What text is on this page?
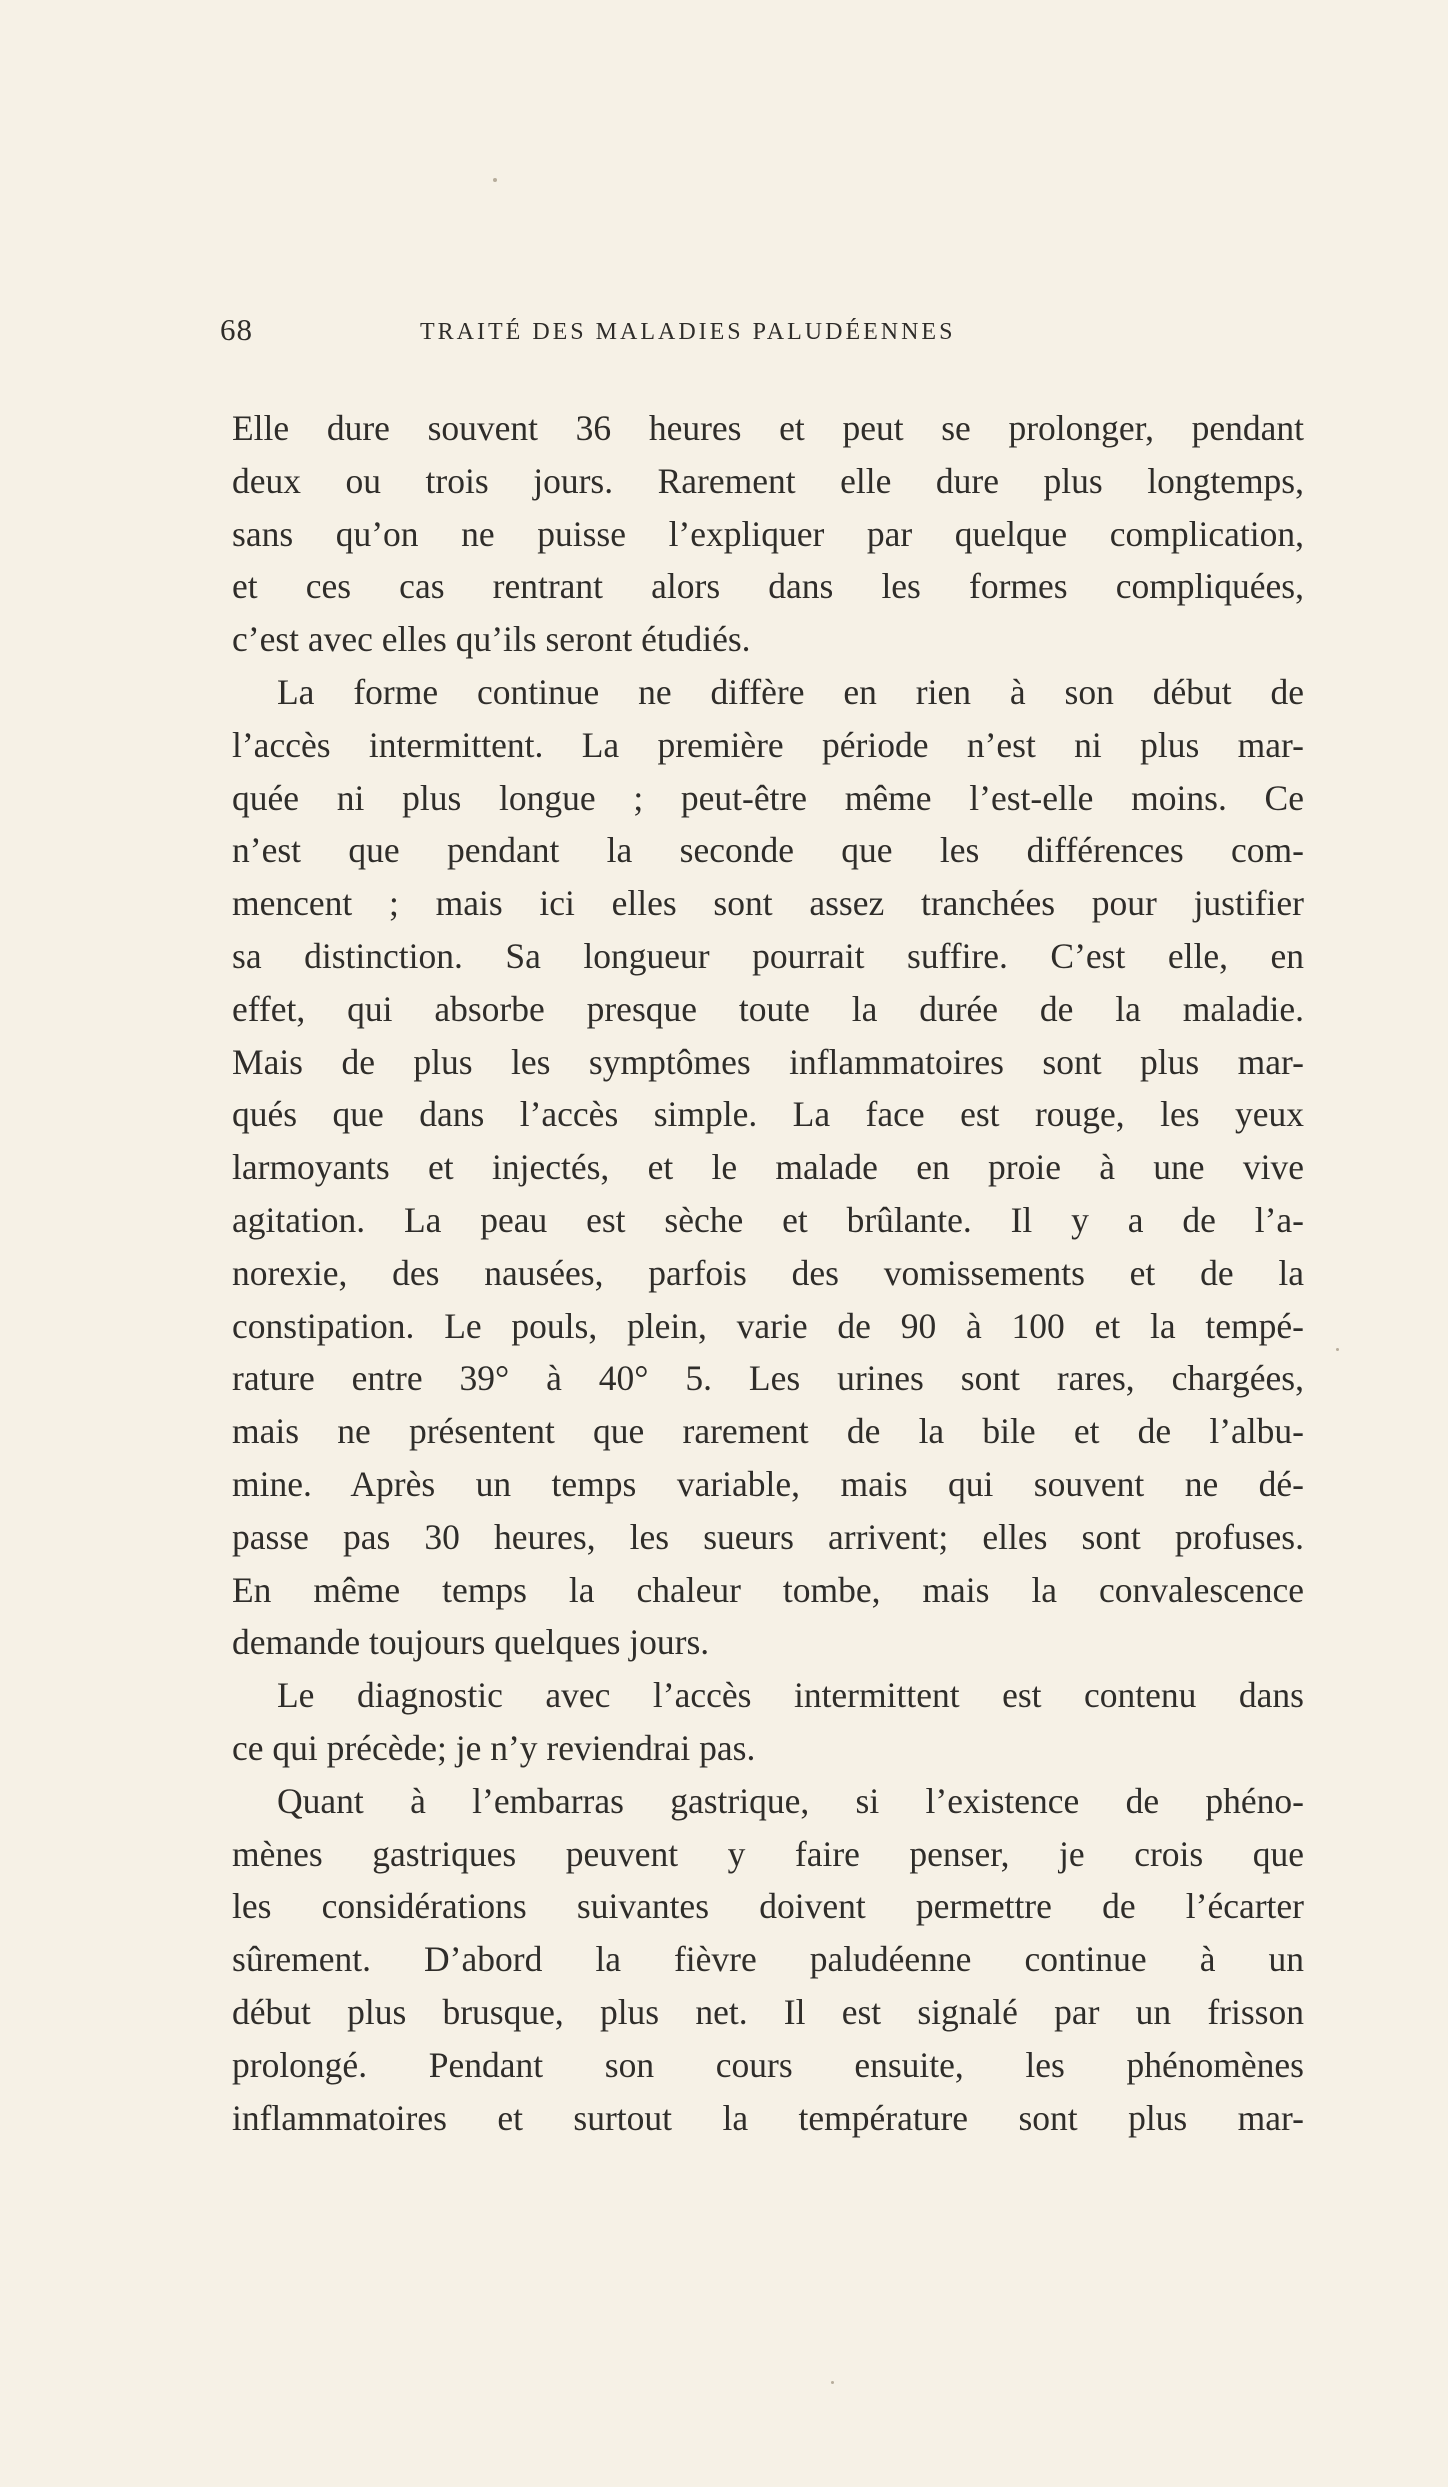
68	TRAITÉ DES MALADIES PALUDÉENNES
Elle dure souvent 36 heures et peut se prolonger, pendant
deux ou trois jours. Rarement elle dure plus longtemps,
sans qu’on ne puisse l’expliquer par quelque complication,
et ces cas rentrant alors dans les formes compliquées,
c’est avec elles qu’ils seront étudiés.
La forme continue ne diffère en rien à son début de
l’accès intermittent. La première période n’est ni plus mar-
quée ni plus longue ; peut-être même l’est-elle moins. Ce
n’est que pendant la seconde que les différences com-
mencent ; mais ici elles sont assez tranchées pour justifier
sa distinction. Sa longueur pourrait suffire. C’est elle, en
effet, qui absorbe presque toute la durée de la maladie.
Mais de plus les symptômes inflammatoires sont plus mar-
qués que dans l’accès simple. La face est rouge, les yeux
larmoyants et injectés, et le malade en proie à une vive
agitation. La peau est sèche et brûlante. Il y a de l’a-
norexie, des nausées, parfois des vomissements et de la
constipation. Le pouls, plein, varie de 90 à 100 et la tempé-
rature entre 39° à 40° 5. Les urines sont rares, chargées,
mais ne présentent que rarement de la bile et de l’albu-
mine. Après un temps variable, mais qui souvent ne dé-
passe pas 30 heures, les sueurs arrivent; elles sont profuses.
En même temps la chaleur tombe, mais la convalescence
demande toujours quelques jours.
Le diagnostic avec l’accès intermittent est contenu dans
ce qui précède; je n’y reviendrai pas.
Quant à l’embarras gastrique, si l’existence de phéno-
mènes gastriques peuvent y faire penser, je crois que
les considérations suivantes doivent permettre de l’écarter
sûrement. D’abord la fièvre paludéenne continue à un
début plus brusque, plus net. Il est signalé par un frisson
prolongé. Pendant son cours ensuite, les phénomènes
inflammatoires et surtout la température sont plus mar-
